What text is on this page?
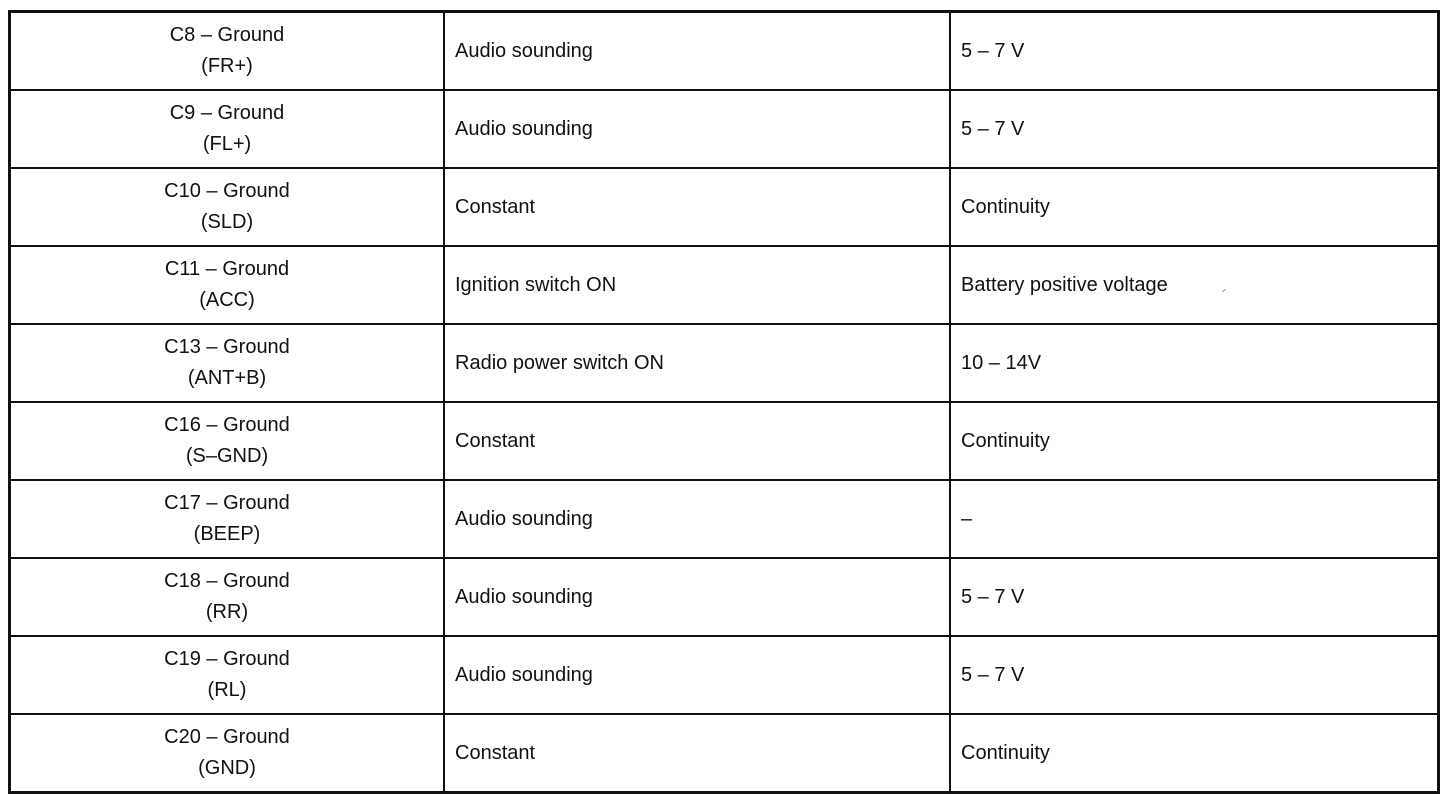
C8 – Ground
(FR+)	Audio sounding	5 – 7 V

C9 – Ground
(FL+)	Audio sounding	5 – 7 V

C10 – Ground
(SLD)	Constant	Continuity

C11 – Ground
(ACC)	Ignition switch ON	Battery positive voltage

C13 – Ground
(ANT+B)	Radio power switch ON	10 – 14V

C16 – Ground
(S–GND)	Constant	Continuity

C17 – Ground
(BEEP)	Audio sounding	–

C18 – Ground
(RR)	Audio sounding	5 – 7 V

C19 – Ground
(RL)	Audio sounding	5 – 7 V

C20 – Ground
(GND)	Constant	Continuity
